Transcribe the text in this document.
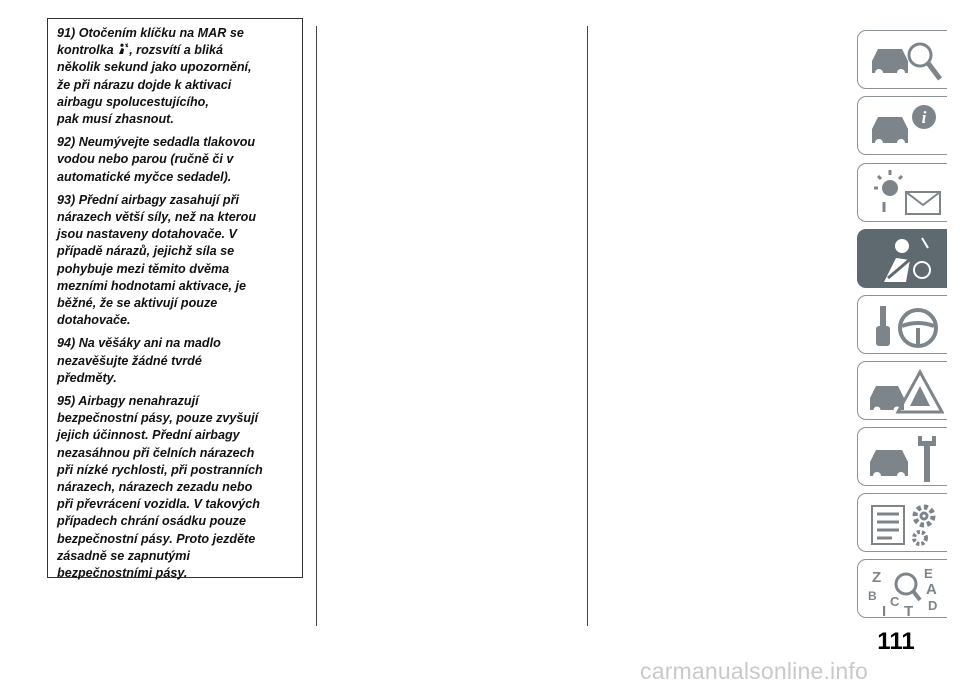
91) Otočením klíčku na MAR se
kontrolka , rozsvítí a bliká
několik sekund jako upozornění,
že při nárazu dojde k aktivaci
airbagu spolucestujícího,
pak musí zhasnout.

92) Neumývejte sedadla tlakovou
vodou nebo parou (ručně či v
automatické myčce sedadel).

93) Přední airbagy zasahují při
nárazech větší síly, než na kterou
jsou nastaveny dotahovače. V
případě nárazů, jejichž síla se
pohybuje mezi těmito dvěma
mezními hodnotami aktivace, je
běžné, že se aktivují pouze
dotahovače.

94) Na věšáky ani na madlo
nezavěšujte žádné tvrdé
předměty.

95) Airbagy nenahrazují
bezpečnostní pásy, pouze zvyšují
jejich účinnost. Přední airbagy
nezasáhnou při čelních nárazech
při nízké rychlosti, při postranních
nárazech, nárazech zezadu nebo
při převrácení vozidla. V takových
případech chrání osádku pouze
bezpečnostní pásy. Proto jezděte
zásadně se zapnutými
bezpečnostními pásy.

i
Z	E
B	A
C D
T
I
111
carmanualsonline.info
